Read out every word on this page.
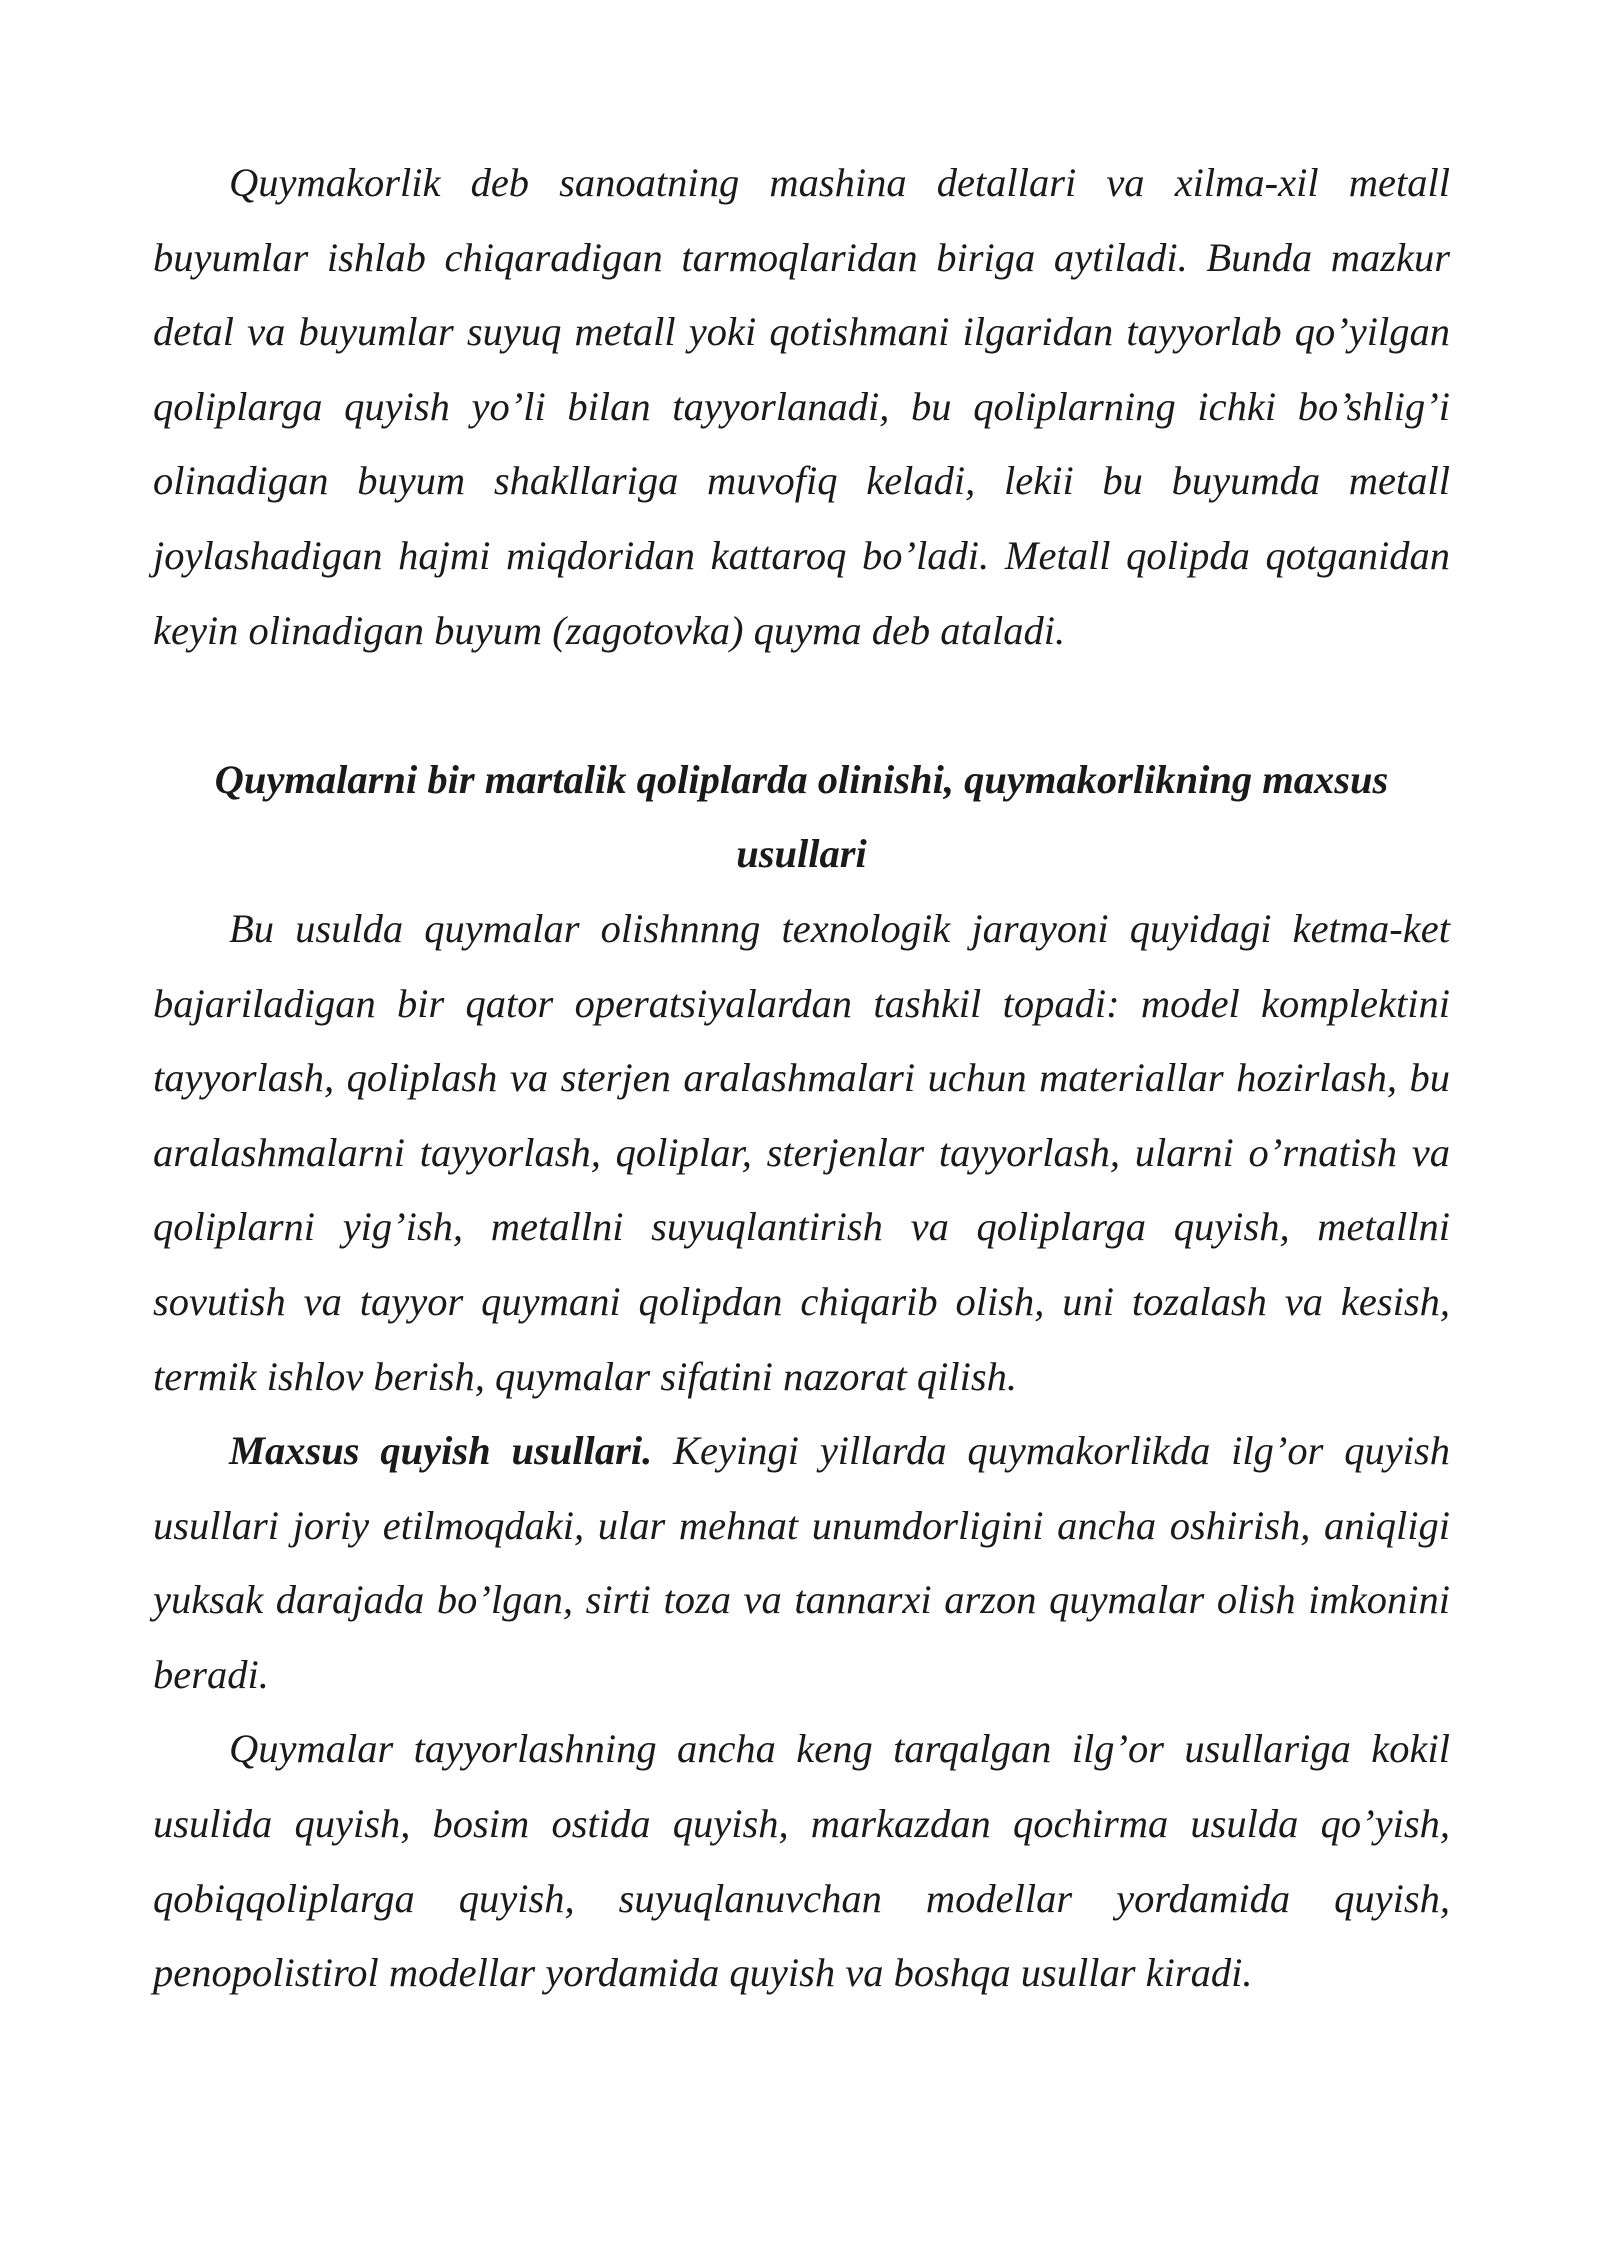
Quymakorlik deb sanoatning mashina detallari va xilma-xil metall buyumlar ishlab chiqaradigan tarmoqlaridan biriga aytiladi. Bunda mazkur detal va buyumlar suyuq metall yoki qotishmani ilgaridan tayyorlab qo’yilgan qoliplarga quyish yo’li bilan tayyorlanadi, bu qoliplarning ichki bo’shlig’i olinadigan buyum shakllariga muvofiq keladi, lekii bu buyumda metall joylashadigan hajmi miqdoridan kattaroq bo’ladi. Metall qolipda qotganidan keyin olinadigan buyum (zagotovka) quyma deb ataladi.

Quymalarni bir martalik qoliplarda olinishi, quymakorlikning maxsus usullari

Bu usulda quymalar olishnnng texnologik jarayoni quyidagi ketma-ket bajariladigan bir qator operatsiyalardan tashkil topadi: model komplektini tayyorlash, qoliplash va sterjen aralashmalari uchun materiallar hozirlash, bu aralashmalarni tayyorlash, qoliplar, sterjenlar tayyorlash, ularni o’rnatish va qoliplarni yig’ish, metallni suyuqlantirish va qoliplarga quyish, metallni sovutish va tayyor quymani qolipdan chiqarib olish, uni tozalash va kesish, termik ishlov berish, quymalar sifatini nazorat qilish.

Maxsus quyish usullari. Keyingi yillarda quymakorlikda ilg’or quyish usullari joriy etilmoqdaki, ular mehnat unumdorligini ancha oshirish, aniqligi yuksak darajada bo’lgan, sirti toza va tannarxi arzon quymalar olish imkonini beradi.

Quymalar tayyorlashning ancha keng tarqalgan ilg’or usullariga kokil usulida quyish, bosim ostida quyish, markazdan qochirma usulda qo’yish, qobiqqoliplarga quyish, suyuqlanuvchan modellar yordamida quyish, penopolistirol modellar yordamida quyish va boshqa usullar kiradi.
